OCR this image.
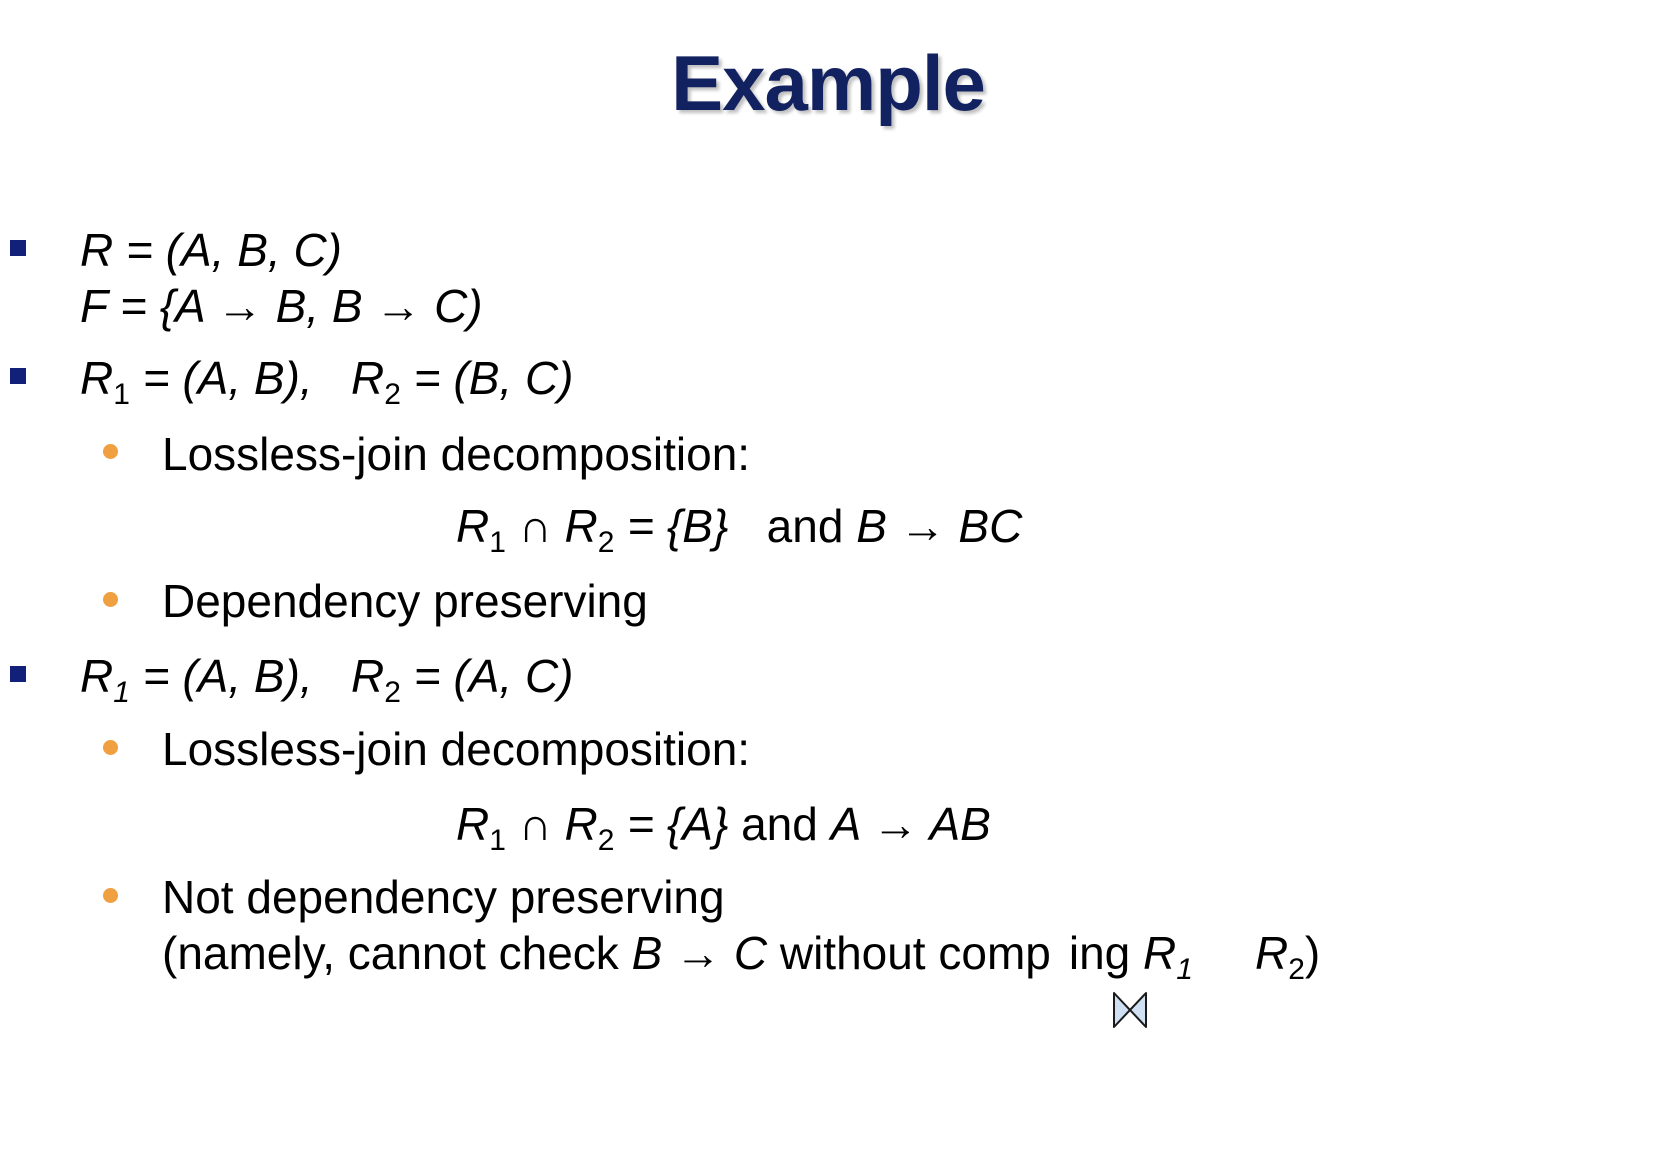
Example
R = (A, B, C)
F = {A → B, B → C)
$R_1 = (A$, B), $R_2 = (B$, C)
Lossless-join decomposition:
$R_1$ ∩ $R_2 = \{B\}$ and B → BC
Dependency preserving
$R_1 = (A$, B), $R_2 = (A$, C)
Lossless-join decomposition:
$R_1$ ∩ $R_2 = \{A\}$ and A → AB
Not dependency preserving
(namely, cannot check B → C without comp ing $R_1$ $R_2$)
